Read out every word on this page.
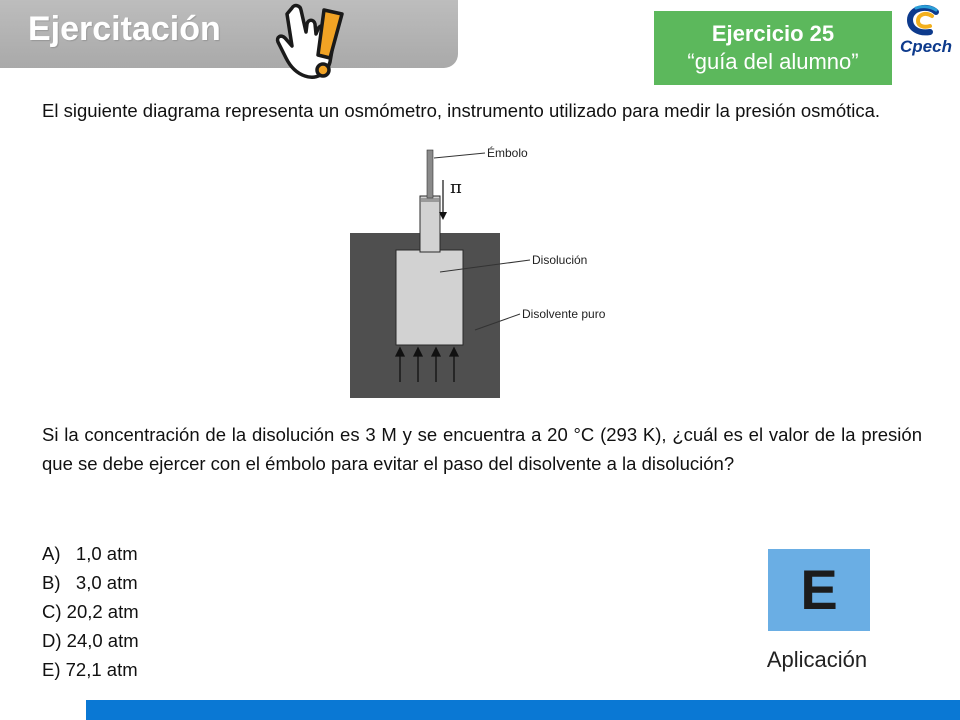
Ejercitación	Ejercicio 25
“guía del alumno”
Cpech

El siguiente diagrama representa un osmómetro, instrumento utilizado para medir la presión osmótica.

π
Émbolo
Disolución
Disolvente puro

Si la concentración de la disolución es 3 M y se encuentra a 20 °C (293 K), ¿cuál es el valor de la presión que se debe ejercer con el émbolo para evitar el paso del disolvente a la disolución?

A)   1,0 atm
B)   3,0 atm
C) 20,2 atm
D) 24,0 atm
E) 72,1 atm
E
Aplicación
